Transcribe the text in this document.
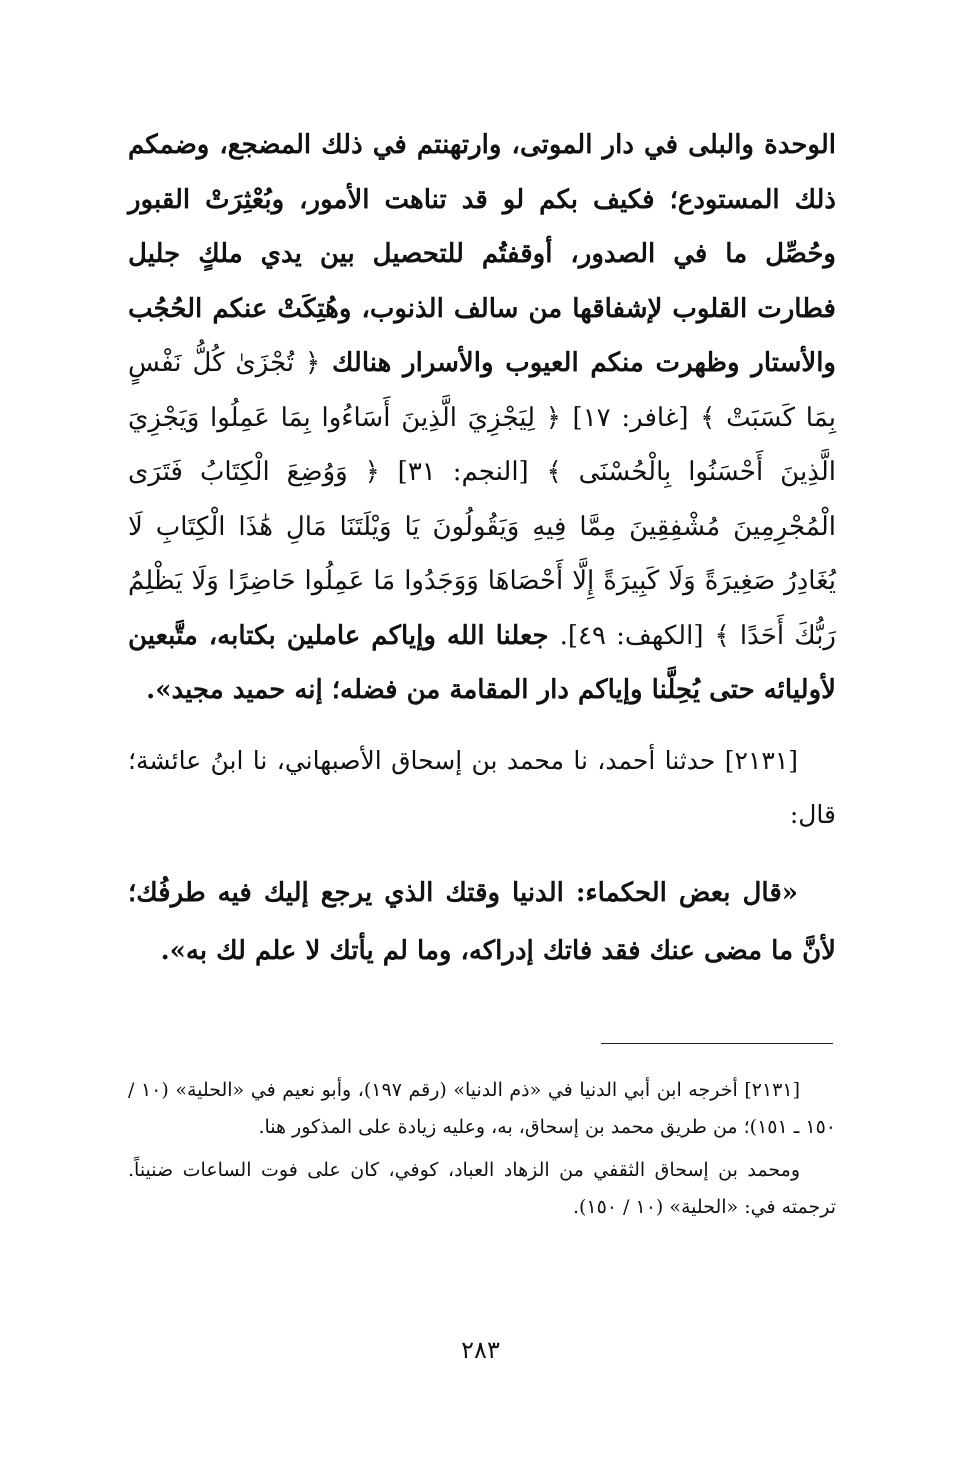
الوحدة والبلى في دار الموتى، وارتهنتم في ذلك المضجع، وضمكم ذلك المستودع؛ فكيف بكم لو قد تناهت الأمور، وبُعْثِرَتْ القبور وحُصِّل ما في الصدور، أوقفتُم للتحصيل بين يدي ملكٍ جليل فطارت القلوب لإشفاقها من سالف الذنوب، وهُتِكَتْ عنكم الحُجُب والأستار وظهرت منكم العيوب والأسرار هنالك ﴿ تُجْزَىٰ كُلُّ نَفْسٍ بِمَا كَسَبَتْ ﴾ [غافر: ١٧] ﴿ لِيَجْزِيَ الَّذِينَ أَسَاءُوا بِمَا عَمِلُوا وَيَجْزِيَ الَّذِينَ أَحْسَنُوا بِالْحُسْنَى ﴾ [النجم: ٣١] ﴿ وَوُضِعَ الْكِتَابُ فَتَرَى الْمُجْرِمِينَ مُشْفِقِينَ مِمَّا فِيهِ وَيَقُولُونَ يَا وَيْلَتَنَا مَالِ هَٰذَا الْكِتَابِ لَا يُغَادِرُ صَغِيرَةً وَلَا كَبِيرَةً إِلَّا أَحْصَاهَا وَوَجَدُوا مَا عَمِلُوا حَاضِرًا وَلَا يَظْلِمُ رَبُّكَ أَحَدًا ﴾ [الكهف: ٤٩]. جعلنا الله وإياكم عاملين بكتابه، متَّبعين لأوليائه حتى يُحِلَّنا وإياكم دار المقامة من فضله؛ إنه حميد مجيد».

[٢١٣١] حدثنا أحمد، نا محمد بن إسحاق الأصبهاني، نا ابنُ عائشة؛ قال:

«قال بعض الحكماء: الدنيا وقتك الذي يرجع إليك فيه طرفُك؛ لأنَّ ما مضى عنك فقد فاتك إدراكه، وما لم يأتك لا علم لك به».

[٢١٣١] أخرجه ابن أبي الدنيا في «ذم الدنيا» (رقم ١٩٧)، وأبو نعيم في «الحلية» (١٠ / ١٥٠ ـ ١٥١)؛ من طريق محمد بن إسحاق، به، وعليه زيادة على المذكور هنا.

ومحمد بن إسحاق الثقفي من الزهاد العباد، كوفي، كان على فوت الساعات ضنيناً. ترجمته في: «الحلية» (١٠ / ١٥٠).

٢٨٣
